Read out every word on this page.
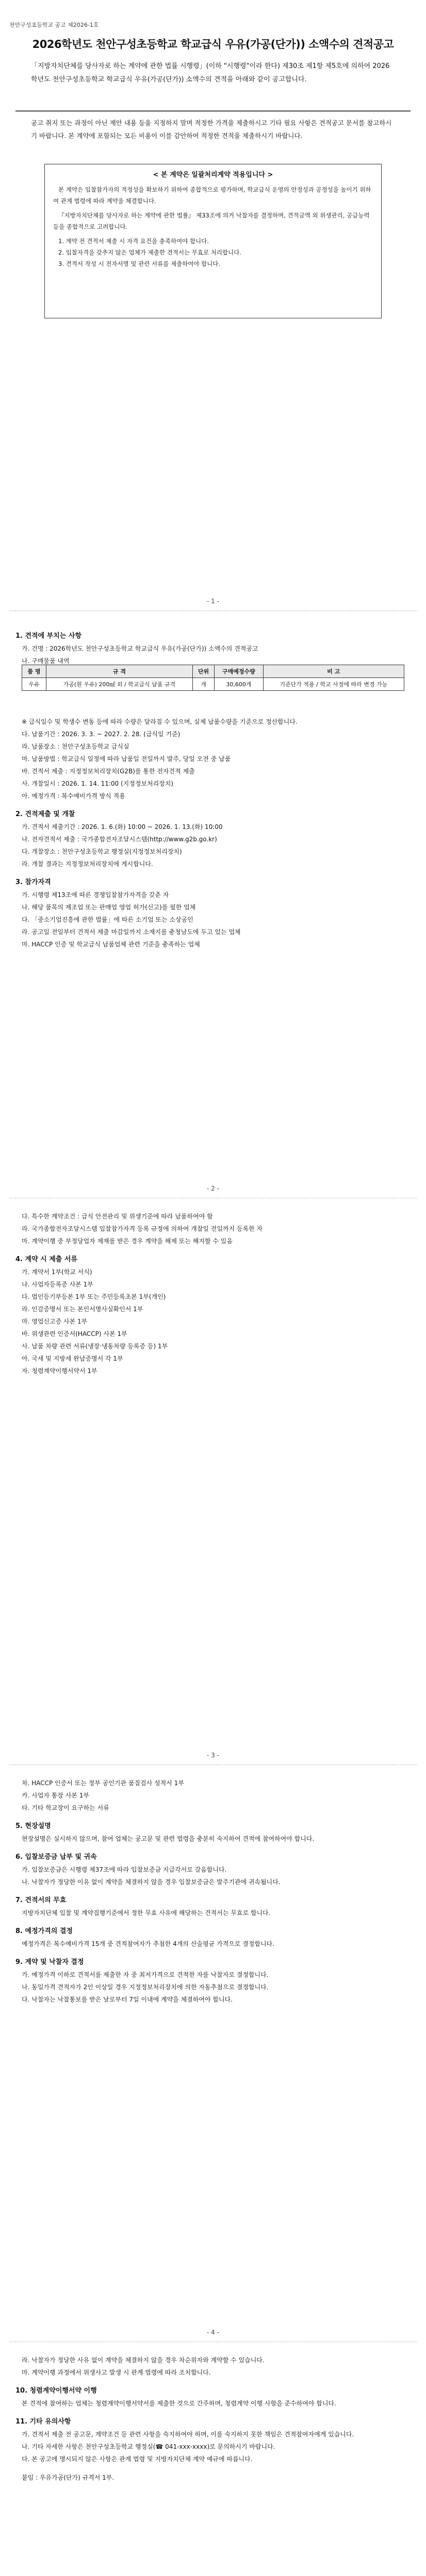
천안구성초등학교 공고 제2026-1호
2026학년도 천안구성초등학교 학교급식 우유(가공(단가)) 소액수의 견적공고
「지방자치단체를 당사자로 하는 계약에 관한 법률 시행령」(이하 "시행령"이라 한다) 제30조 제1항 제5호에 의하여 2026학년도 천안구성초등학교 학교급식 우유(가공(단가)) 소액수의 견적을 아래와 같이 공고합니다.
공고 취지 또는 과정이 아닌 제안 내용 등을 지정하지 말며 적정한 가격을 제출하시고 기타 필요 사항은 견적공고 문서를 참고하시기 바랍니다. 본 계약에 포함되는 모든 비용이 이를 감안하여 적정한 견적을 제출하시기 바랍니다.
< 본 계약은 일괄처리계약 적용입니다 >

본 계약은 입찰참가자의 적정성을 확보하기 위하여 종합적으로 평가하며, 학교급식 운영의 안정성과 공정성을 높이기 위하여 관계 법령에 따라 계약을 체결합니다.

『지방자치단체를 당사자로 하는 계약에 관한 법률』 제33조에 의거 낙찰자를 결정하며, 견적금액 외 위생관리, 공급능력 등을 종합적으로 고려합니다.

1. 계약 전 견적서 제출 시 자격 요건을 충족하여야 합니다.
2. 입찰자격을 갖추지 않은 업체가 제출한 견적서는 무효로 처리합니다.
3. 견적서 작성 시 전자서명 및 관련 서류를 제출하여야 합니다.
- 1 -
1. 견적에 부치는 사항

가. 건명 : 2026학년도 천안구성초등학교 학교급식 우유(가공(단가)) 소액수의 견적공고

나. 구매물품 내역

품 명	규 격	단위	구매예정수량	비 고
우유	가공(흰 우유) 200㎖ 외 / 학교급식 납품 규격	개	30,600개	기준단가 적용 / 학교 사정에 따라 변경 가능

※ 급식일수 및 학생수 변동 등에 따라 수량은 달라질 수 있으며, 실제 납품수량을 기준으로 정산합니다.

다. 납품기간 : 2026. 3. 3. ~ 2027. 2. 28. (급식일 기준)

라. 납품장소 : 천안구성초등학교 급식실

마. 납품방법 : 학교급식 일정에 따라 납품일 전일까지 발주, 당일 오전 중 납품

바. 견적서 제출 : 지정정보처리장치(G2B)를 통한 전자견적 제출

사. 개찰일시 : 2026. 1. 14. 11:00 (지정정보처리장치)

아. 예정가격 : 복수예비가격 방식 적용

2. 견적제출 및 개찰

가. 견적서 제출기간 : 2026. 1. 6.(화) 10:00 ~ 2026. 1. 13.(화) 10:00

나. 전자견적서 제출 : 국가종합전자조달시스템(http://www.g2b.go.kr)

다. 개찰장소 : 천안구성초등학교 행정실(지정정보처리장치)

라. 개찰 결과는 지정정보처리장치에 게시합니다.

3. 참가자격

가. 시행령 제13조에 따른 경쟁입찰참가자격을 갖춘 자

나. 해당 품목의 제조업 또는 판매업 영업 허가(신고)를 필한 업체

다. 「중소기업진흥에 관한 법률」에 따른 소기업 또는 소상공인

라. 공고일 전일부터 견적서 제출 마감일까지 소재지를 충청남도에 두고 있는 업체

마. HACCP 인증 및 학교급식 납품업체 관련 기준을 충족하는 업체

- 2 -

다. 특수한 계약조건 : 급식 안전관리 및 위생기준에 따라 납품하여야 함

라. 국가종합전자조달시스템 입찰참가자격 등록 규정에 의하여 개찰일 전일까지 등록한 자

마. 계약이행 중 부정당업자 제재를 받은 경우 계약을 해제 또는 해지할 수 있음

4. 계약 시 제출 서류

가. 계약서 1부(학교 서식)

나. 사업자등록증 사본 1부

다. 법인등기부등본 1부 또는 주민등록초본 1부(개인)

라. 인감증명서 또는 본인서명사실확인서 1부

마. 영업신고증 사본 1부

바. 위생관련 인증서(HACCP) 사본 1부

사. 납품 차량 관련 서류(냉장·냉동차량 등록증 등) 1부

아. 국세 및 지방세 완납증명서 각 1부

자. 청렴계약이행서약서 1부

- 3 -

차. HACCP 인증서 또는 정부 공인기관 품질검사 성적서 1부

카. 사업자 통장 사본 1부

타. 기타 학교장이 요구하는 서류

5. 현장설명

현장설명은 실시하지 않으며, 참여 업체는 공고문 및 관련 법령을 충분히 숙지하여 견적에 참여하여야 합니다.

6. 입찰보증금 납부 및 귀속

가. 입찰보증금은 시행령 제37조에 따라 입찰보증금 지급각서로 갈음합니다.

나. 낙찰자가 정당한 이유 없이 계약을 체결하지 않을 경우 입찰보증금은 발주기관에 귀속됩니다.

7. 견적서의 무효

지방자치단체 입찰 및 계약집행기준에서 정한 무효 사유에 해당하는 견적서는 무효로 합니다.

8. 예정가격의 결정

예정가격은 복수예비가격 15개 중 견적참여자가 추첨한 4개의 산술평균 가격으로 결정합니다.

9. 계약 및 낙찰자 결정

가. 예정가격 이하로 견적서를 제출한 자 중 최저가격으로 견적한 자를 낙찰자로 결정합니다.

나. 동일가격 견적자가 2인 이상일 경우 지정정보처리장치에 의한 자동추첨으로 결정합니다.

다. 낙찰자는 낙찰통보를 받은 날로부터 7일 이내에 계약을 체결하여야 합니다.

- 4 -

라. 낙찰자가 정당한 사유 없이 계약을 체결하지 않을 경우 차순위자와 계약할 수 있습니다.

마. 계약이행 과정에서 위생사고 발생 시 관계 법령에 따라 조치합니다.

10. 청렴계약이행서약 이행

본 견적에 참여하는 업체는 청렴계약이행서약서를 제출한 것으로 간주하며, 청렴계약 이행 사항을 준수하여야 합니다.

11. 기타 유의사항

가. 견적서 제출 전 공고문, 계약조건 등 관련 사항을 숙지하여야 하며, 이를 숙지하지 못한 책임은 견적참여자에게 있습니다.

나. 기타 자세한 사항은 천안구성초등학교 행정실(☎ 041-xxx-xxxx)로 문의하시기 바랍니다.

다. 본 공고에 명시되지 않은 사항은 관계 법령 및 지방자치단체 계약 예규에 따릅니다.

붙임 : 우유가공(단가) 규격서 1부.
